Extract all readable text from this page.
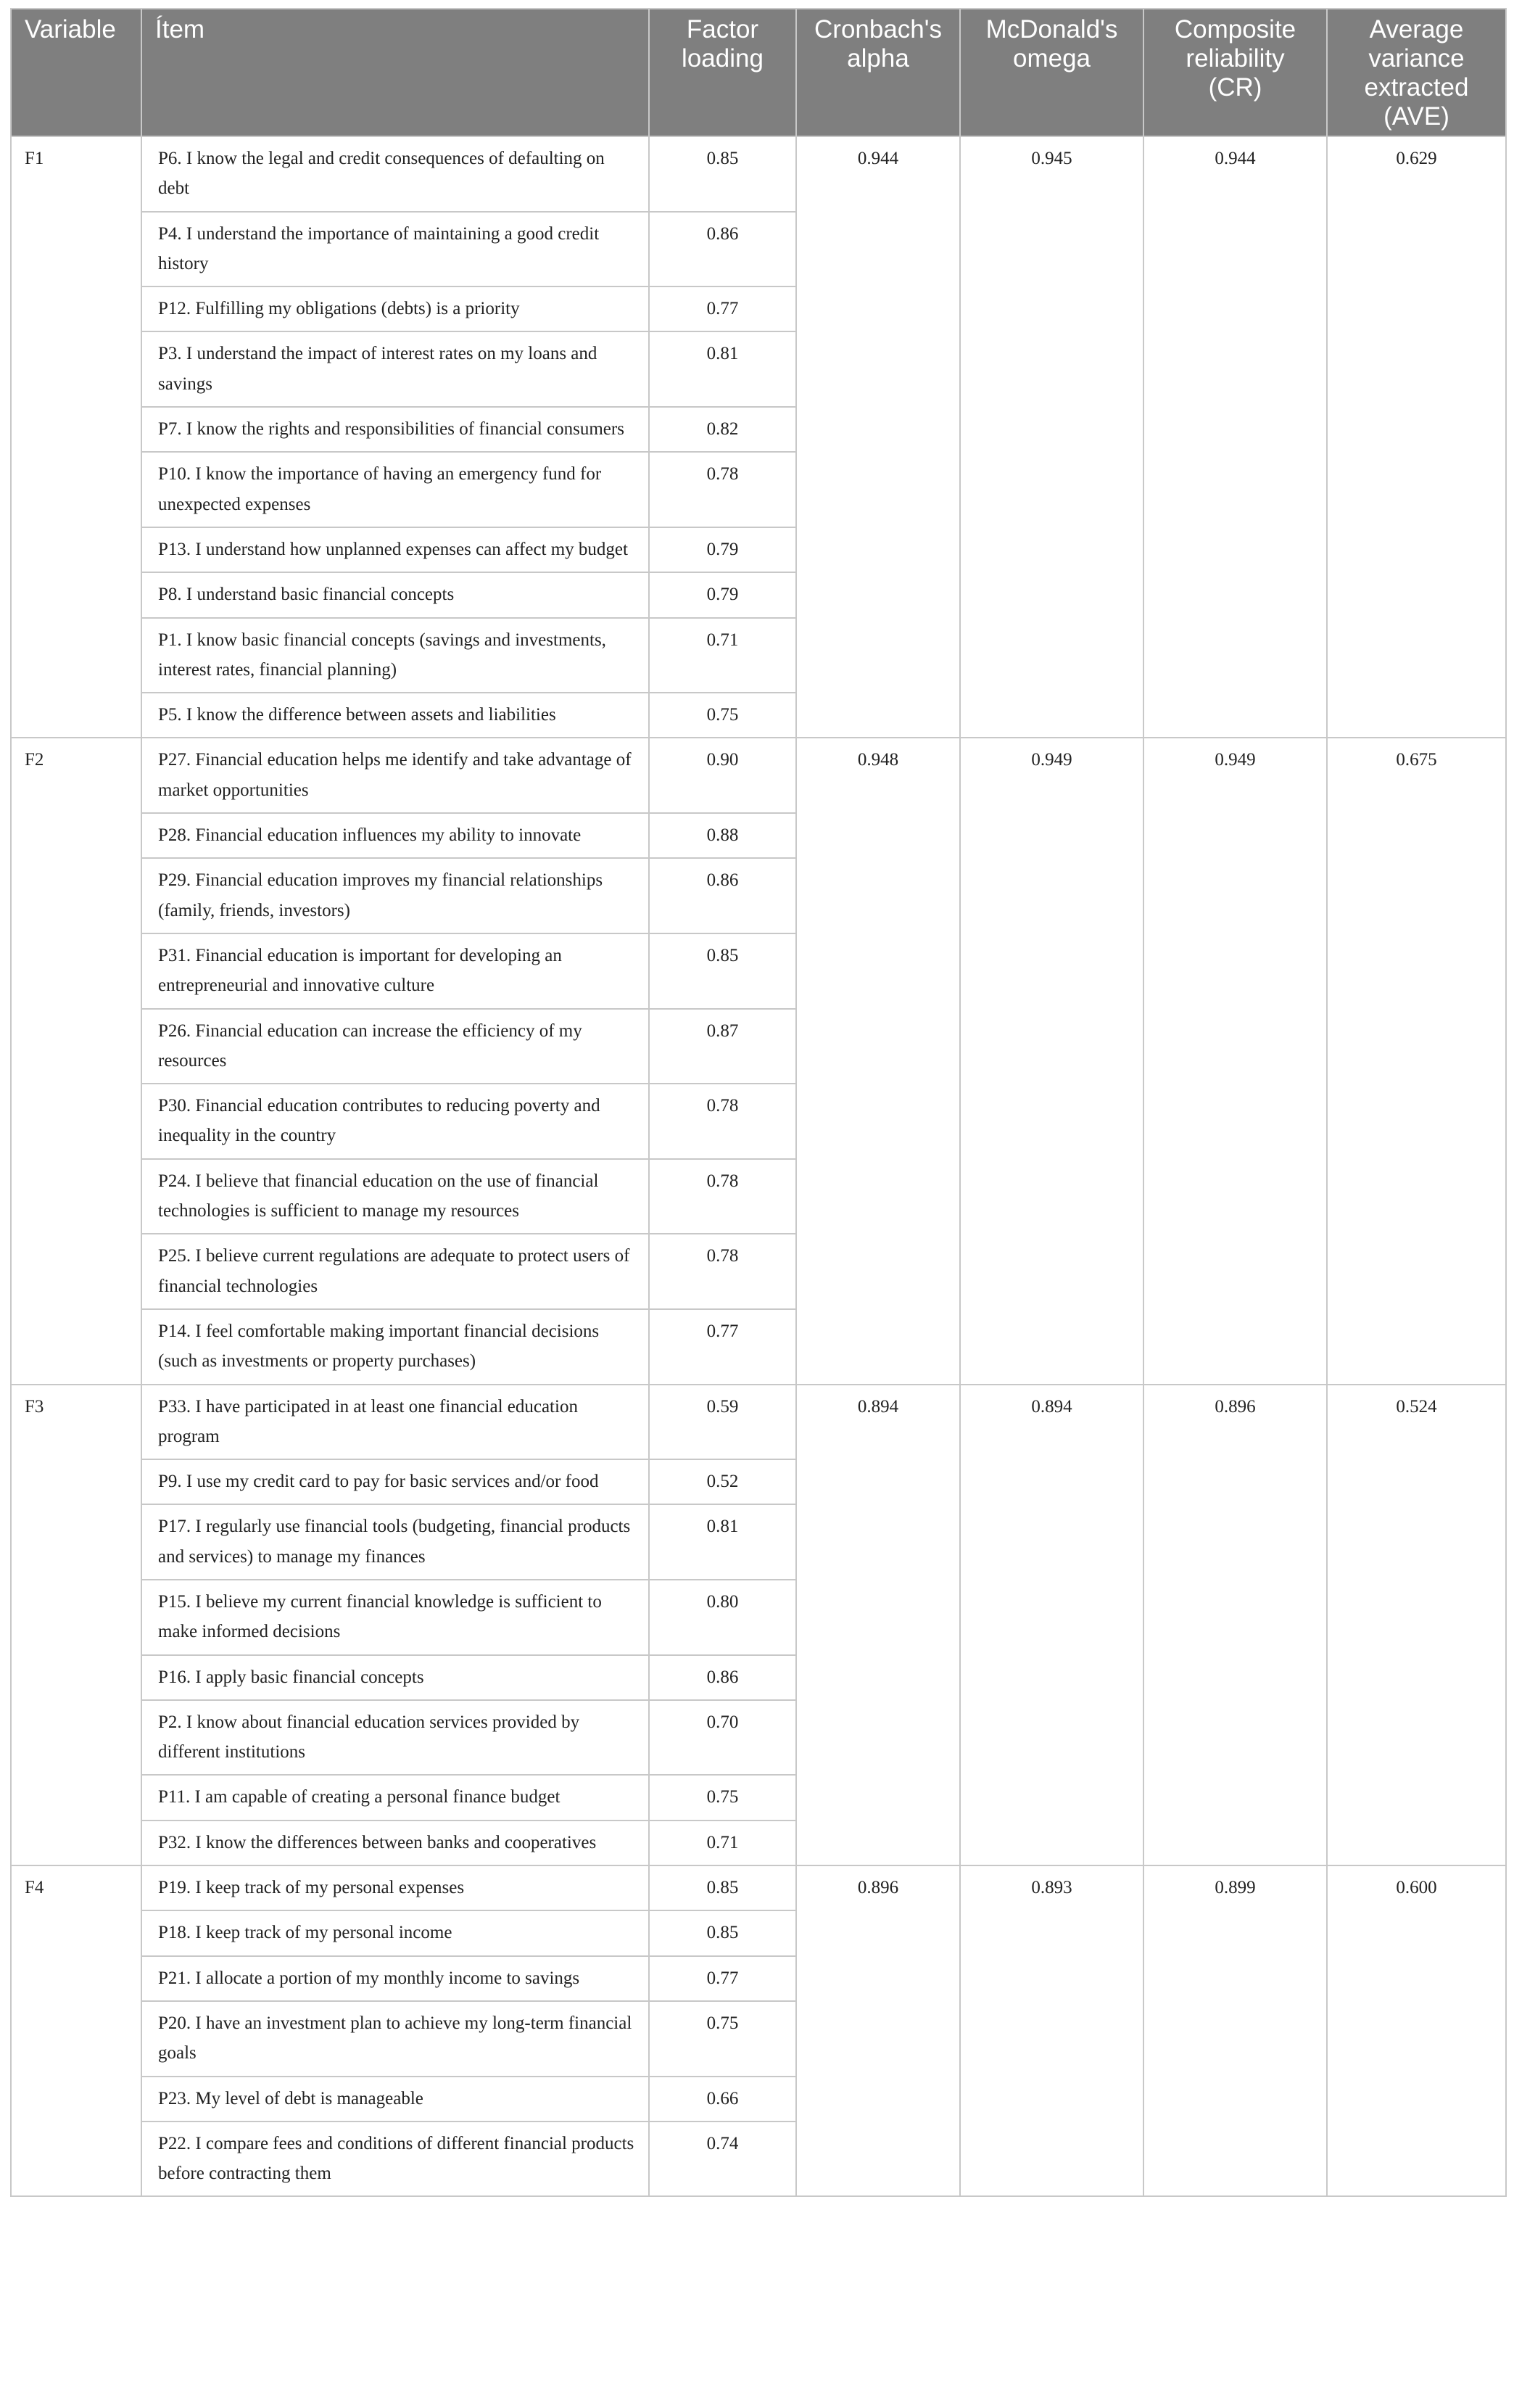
Variable	Ítem	Factor loading	Cronbach's alpha	McDonald's omega	Composite reliability (CR)	Average variance extracted (AVE)
F1	P6. I know the legal and credit consequences of defaulting on debt	0.85	0.944	0.945	0.944	0.629
	P4. I understand the importance of maintaining a good credit history	0.86				
	P12. Fulfilling my obligations (debts) is a priority	0.77				
	P3. I understand the impact of interest rates on my loans and savings	0.81				
	P7. I know the rights and responsibilities of financial consumers	0.82				
	P10. I know the importance of having an emergency fund for unexpected expenses	0.78				
	P13. I understand how unplanned expenses can affect my budget	0.79				
	P8. I understand basic financial concepts	0.79				
	P1. I know basic financial concepts (savings and investments, interest rates, financial planning)	0.71				
	P5. I know the difference between assets and liabilities	0.75				
F2	P27. Financial education helps me identify and take advantage of market opportunities	0.90	0.948	0.949	0.949	0.675
	P28. Financial education influences my ability to innovate	0.88				
	P29. Financial education improves my financial relationships (family, friends, investors)	0.86				
	P31. Financial education is important for developing an entrepreneurial and innovative culture	0.85				
	P26. Financial education can increase the efficiency of my resources	0.87				
	P30. Financial education contributes to reducing poverty and inequality in the country	0.78				
	P24. I believe that financial education on the use of financial technologies is sufficient to manage my resources	0.78				
	P25. I believe current regulations are adequate to protect users of financial technologies	0.78				
	P14. I feel comfortable making important financial decisions (such as investments or property purchases)	0.77				
F3	P33. I have participated in at least one financial education program	0.59	0.894	0.894	0.896	0.524
	P9. I use my credit card to pay for basic services and/or food	0.52				
	P17. I regularly use financial tools (budgeting, financial products and services) to manage my finances	0.81				
	P15. I believe my current financial knowledge is sufficient to make informed decisions	0.80				
	P16. I apply basic financial concepts	0.86				
	P2. I know about financial education services provided by different institutions	0.70				
	P11. I am capable of creating a personal finance budget	0.75				
	P32. I know the differences between banks and cooperatives	0.71				
F4	P19. I keep track of my personal expenses	0.85	0.896	0.893	0.899	0.600
	P18. I keep track of my personal income	0.85				
	P21. I allocate a portion of my monthly income to savings	0.77				
	P20. I have an investment plan to achieve my long-term financial goals	0.75				
	P23. My level of debt is manageable	0.66				
	P22. I compare fees and conditions of different financial products before contracting them	0.74				
